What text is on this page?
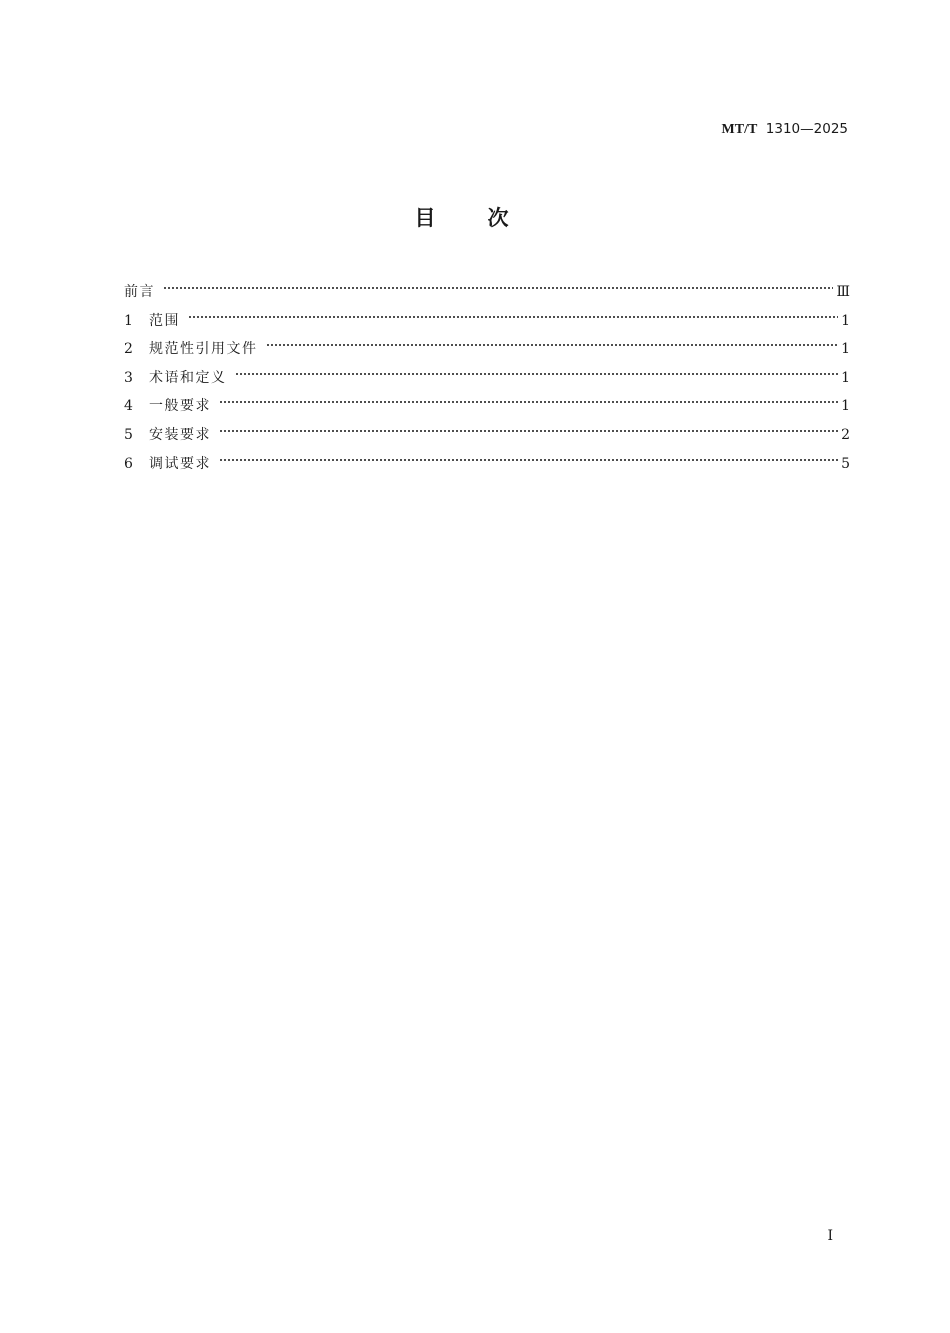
MT/T 1310—2025
目次
前言	Ⅲ
1	范围	1
2	规范性引用文件	1
3	术语和定义	1
4	一般要求	1
5	安装要求	2
6	调试要求	5
I
